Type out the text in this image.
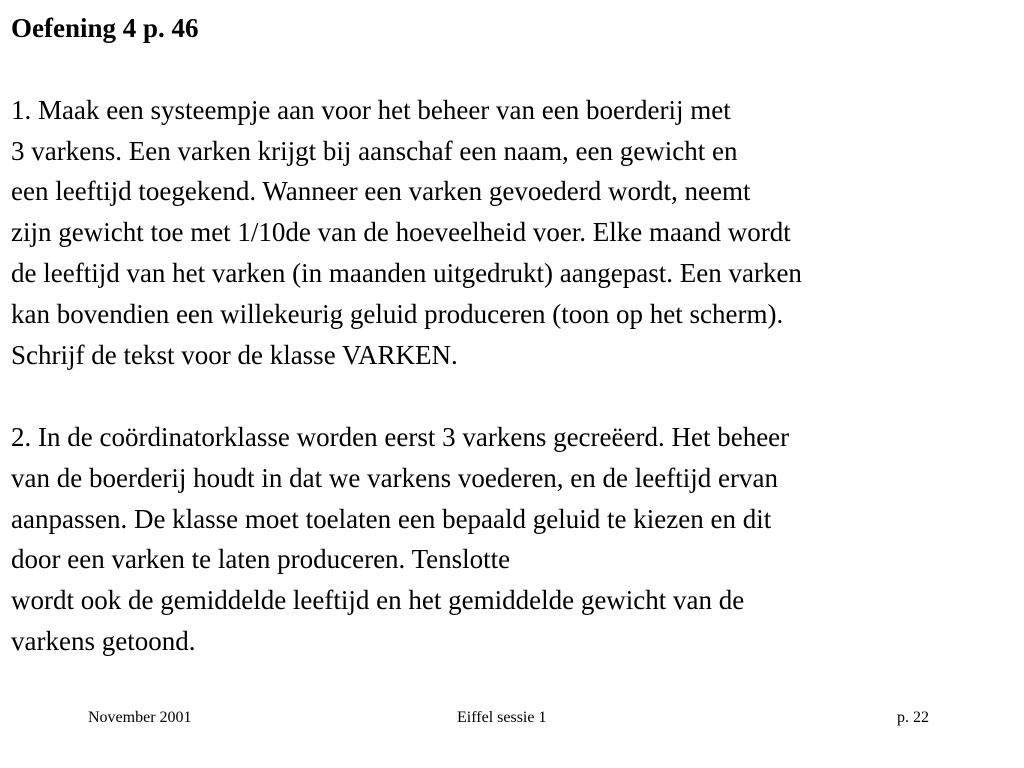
Oefening 4 p. 46
1. Maak een systeempje aan voor het beheer van een boerderij met
3 varkens. Een varken krijgt bij aanschaf een naam, een gewicht en
een leeftijd toegekend. Wanneer een varken gevoederd wordt, neemt
zijn gewicht toe met 1/10de van de hoeveelheid voer. Elke maand wordt
de leeftijd van het varken (in maanden uitgedrukt) aangepast. Een varken
kan bovendien een willekeurig geluid produceren (toon op het scherm).
Schrijf de tekst voor de klasse VARKEN.
2. In de coördinatorklasse worden eerst 3 varkens gecreëerd. Het beheer
van de boerderij houdt in dat we varkens voederen, en de leeftijd ervan
aanpassen. De klasse moet toelaten een bepaald geluid te kiezen en dit
door een varken te laten produceren. Tenslotte
wordt ook de gemiddelde leeftijd en het gemiddelde gewicht van de
varkens getoond.
November 2001	Eiffel sessie 1	p. 22
